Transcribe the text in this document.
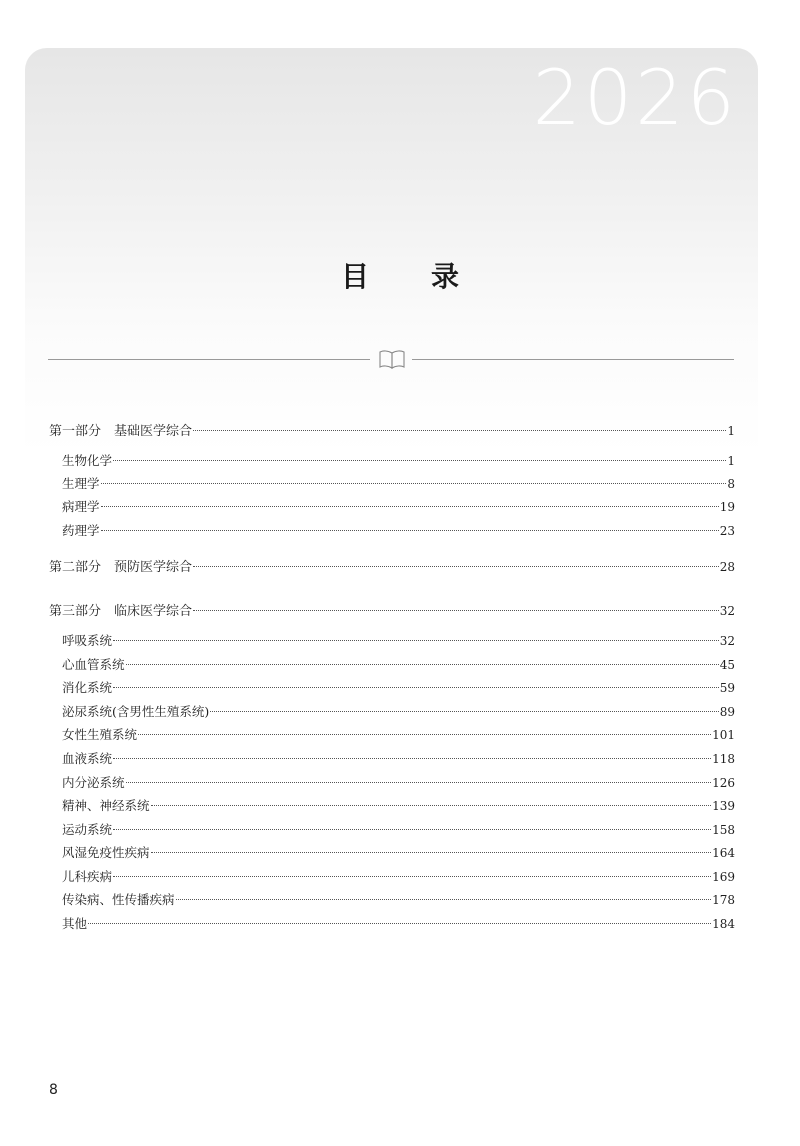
2026
目 录
第一部分　基础医学综合	1
生物化学	1
生理学	8
病理学	19
药理学	23
第二部分　预防医学综合	28
第三部分　临床医学综合	32
呼吸系统	32
心血管系统	45
消化系统	59
泌尿系统(含男性生殖系统)	89
女性生殖系统	101
血液系统	118
内分泌系统	126
精神、神经系统	139
运动系统	158
风湿免疫性疾病	164
儿科疾病	169
传染病、性传播疾病	178
其他	184
8
